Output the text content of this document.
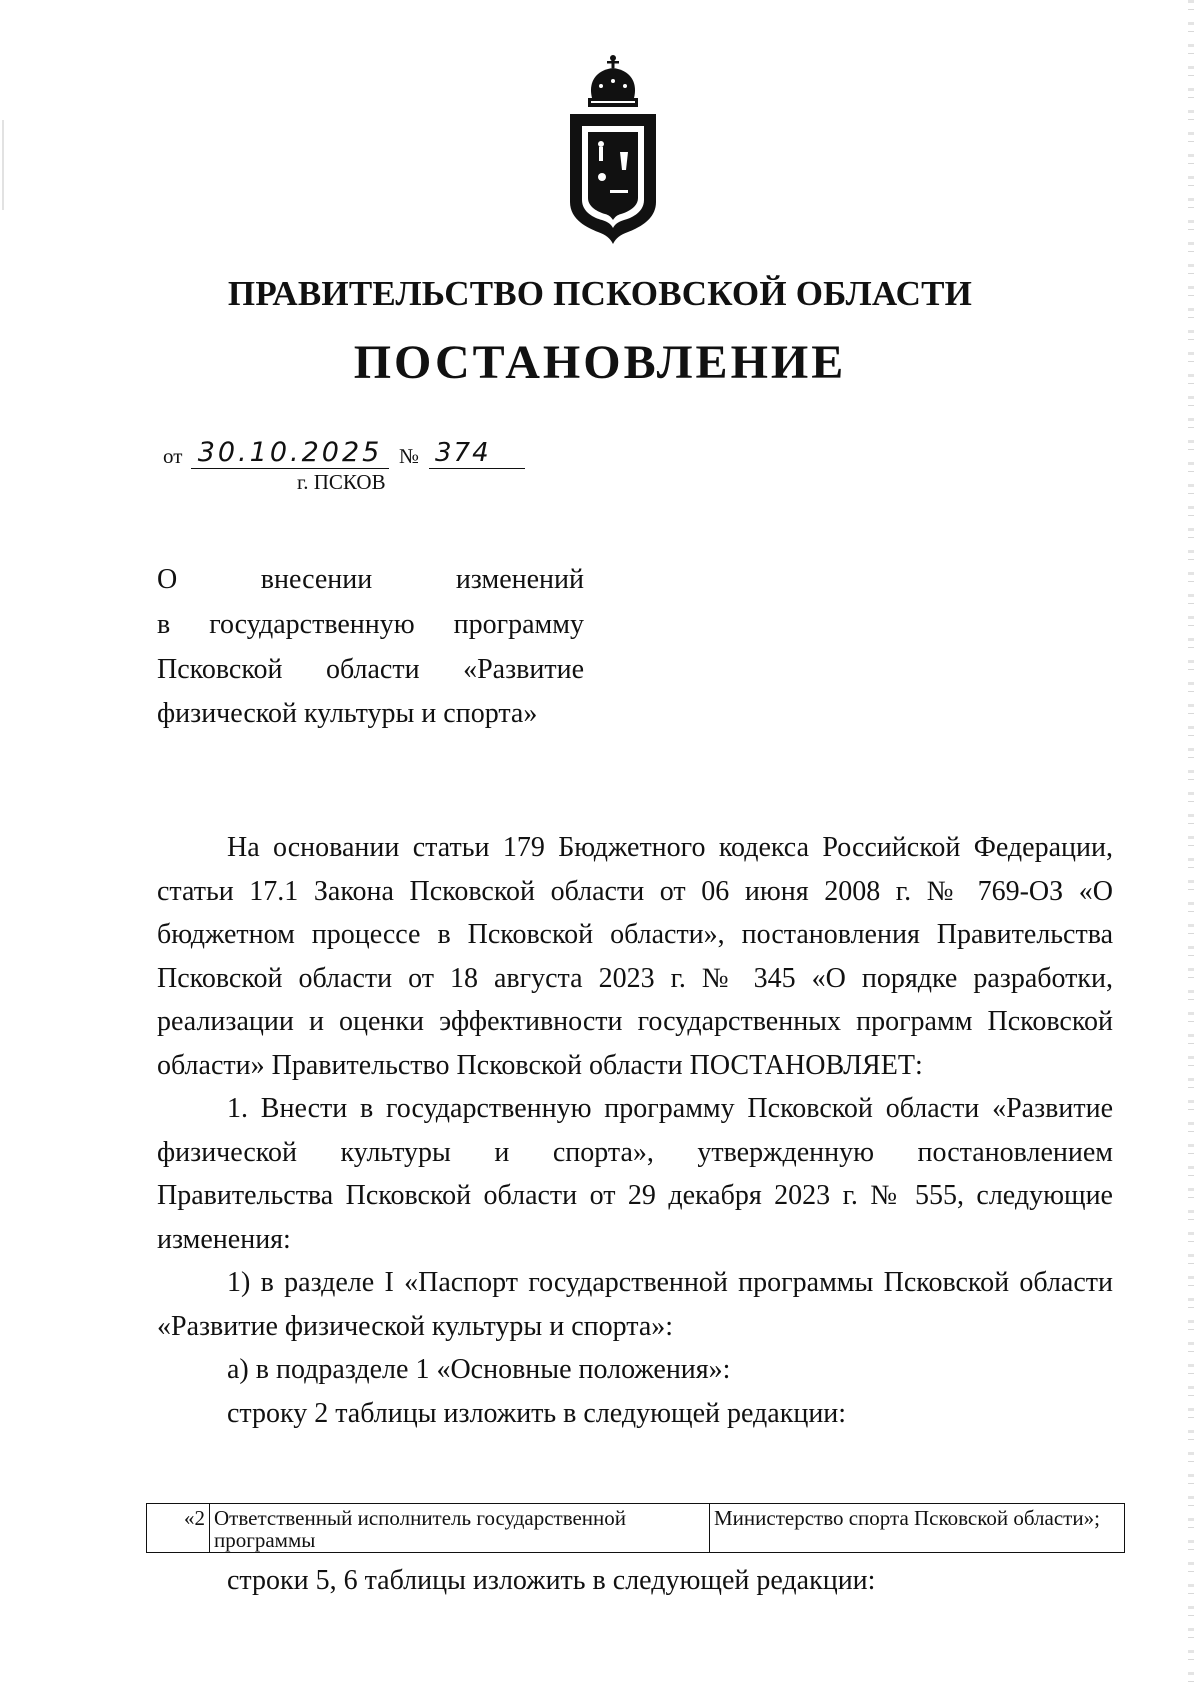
ПРАВИТЕЛЬСТВО ПСКОВСКОЙ ОБЛАСТИ
ПОСТАНОВЛЕНИЕ
от 30.10.2025 № 374
г. ПСКОВ
О внесении изменений
в государственную программу
Псковской области «Развитие
физической культуры и спорта»

На основании статьи 179 Бюджетного кодекса Российской Федерации, статьи 17.1 Закона Псковской области от 06 июня 2008 г. № 769-ОЗ «О бюджетном процессе в Псковской области», постановления Правительства Псковской области от 18 августа 2023 г. № 345 «О порядке разработки, реализации и оценки эффективности государственных программ Псковской области» Правительство Псковской области ПОСТАНОВЛЯЕТ:

1. Внести в государственную программу Псковской области «Развитие физической культуры и спорта», утвержденную постановлением Правительства Псковской области от 29 декабря 2023 г. № 555, следующие изменения:

1) в разделе I «Паспорт государственной программы Псковской области «Развитие физической культуры и спорта»:

а) в подразделе 1 «Основные положения»:

строку 2 таблицы изложить в следующей редакции:

«2	Ответственный исполнитель государственной программы	Министерство спорта Псковской области»;
строки 5, 6 таблицы изложить в следующей редакции:
